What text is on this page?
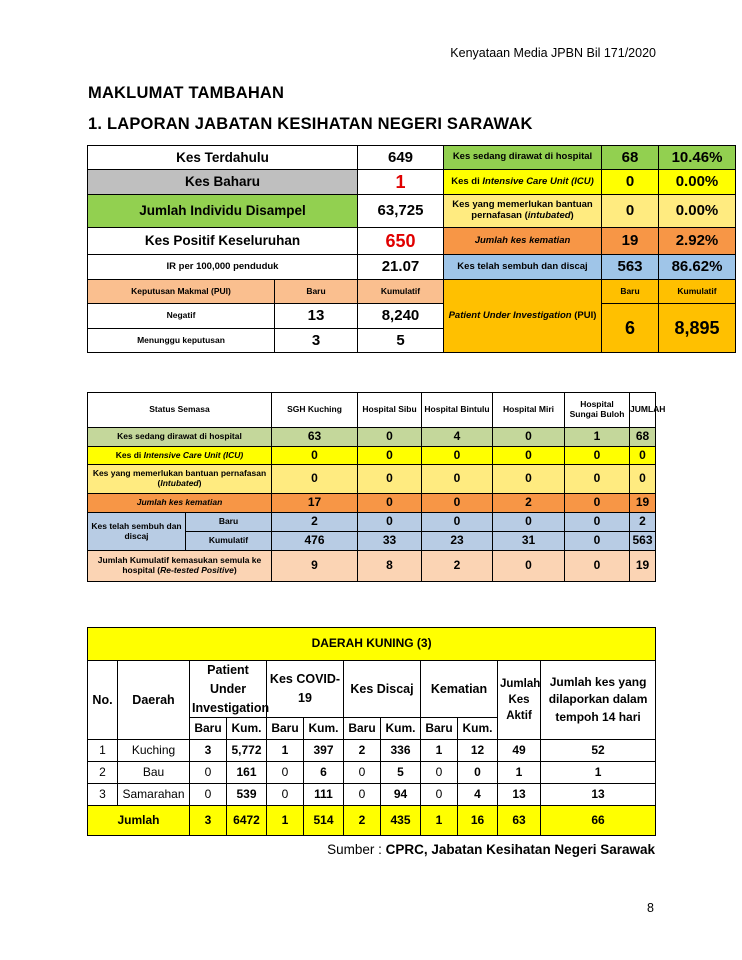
Kenyataan Media JPBN Bil 171/2020
MAKLUMAT TAMBAHAN
1. LAPORAN JABATAN KESIHATAN NEGERI SARAWAK
Kes Terdahulu		649	Kes sedang dirawat di hospital	68	10.46%
Kes Baharu		1	Kes di Intensive Care Unit (ICU)	0	0.00%
Jumlah Individu Disampel		63,725	Kes yang memerlukan bantuan pernafasan (intubated)	0	0.00%
Kes Positif Keseluruhan		650	Jumlah kes kematian	19	2.92%
IR per 100,000 penduduk		21.07	Kes telah sembuh dan discaj	563	86.62%
Keputusan Makmal (PUI)	Baru	Kumulatif	Patient Under Investigation (PUI)	Baru	Kumulatif
Negatif	13	8,240		6	8,895
Menunggu keputusan	3	5			
Status Semasa		SGH Kuching	Hospital Sibu	Hospital Bintulu	Hospital Miri	Hospital Sungai Buloh	JUMLAH
Kes sedang dirawat di hospital		63	0	4	0	1	68
Kes di Intensive Care Unit (ICU)		0	0	0	0	0	0
Kes yang memerlukan bantuan pernafasan (Intubated)		0	0	0	0	0	0
Jumlah kes kematian		17	0	0	2	0	19
Kes telah sembuh dan discaj	Baru	2	0	0	0	0	2
	Kumulatif	476	33	23	31	0	563
Jumlah Kumulatif kemasukan semula ke hospital (Re-tested Positive)		9	8	2	0	0	19
DAERAH KUNING (3)											
No.	Daerah	Patient Under Investigation		Kes COVID-19		Kes Discaj		Kematian		Jumlah Kes Aktif	Jumlah kes yang dilaporkan dalam tempoh 14 hari
		Baru	Kum.	Baru	Kum.	Baru	Kum.	Baru	Kum.		
1	Kuching	3	5,772	1	397	2	336	1	12	49	52
2	Bau	0	161	0	6	0	5	0	0	1	1
3	Samarahan	0	539	0	111	0	94	0	4	13	13
Jumlah		3	6472	1	514	2	435	1	16	63	66
Sumber : CPRC, Jabatan Kesihatan Negeri Sarawak
8
